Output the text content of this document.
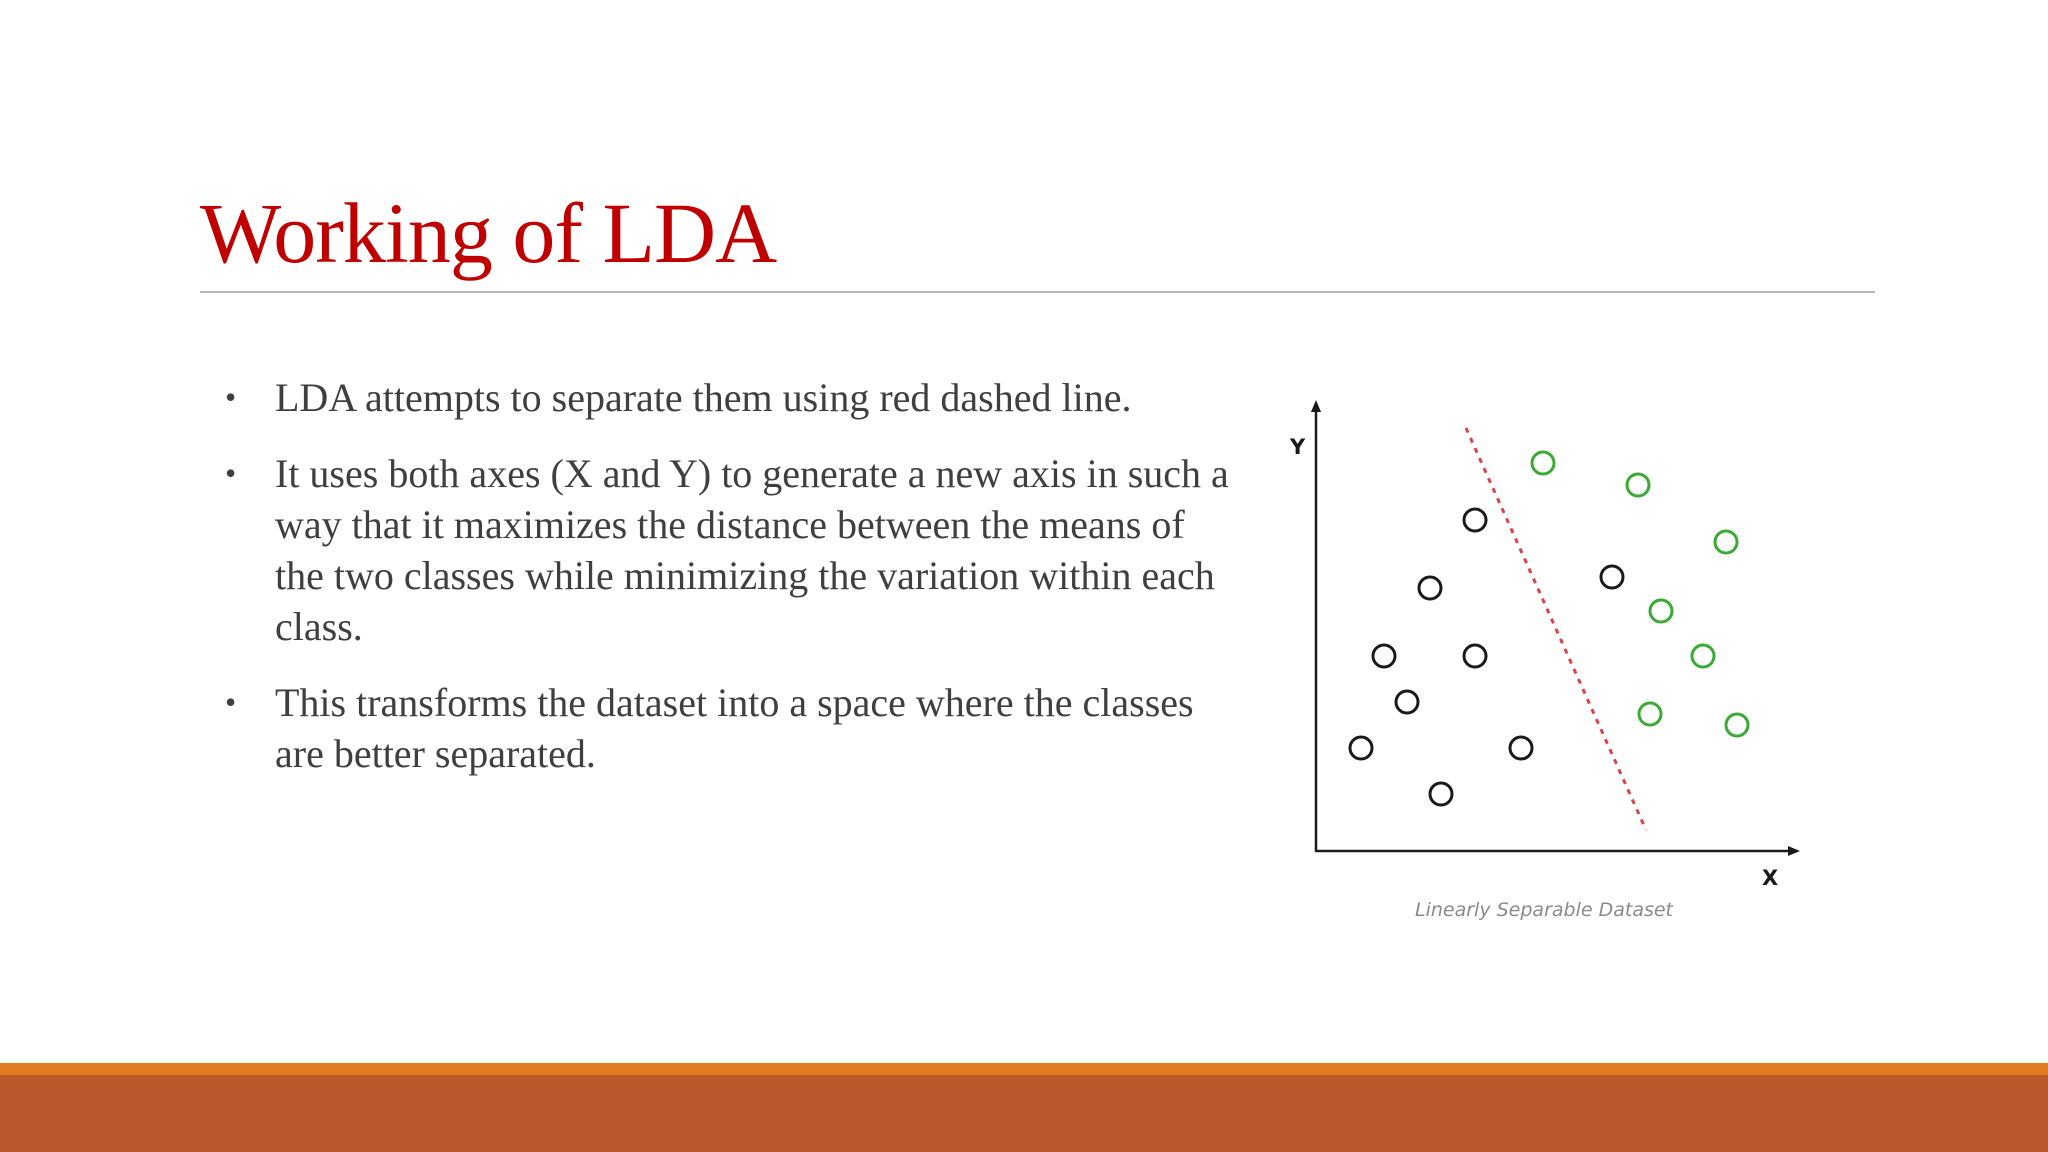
Working of LDA
• LDA attempts to separate them using red dashed line.
• It uses both axes (X and Y) to generate a new axis in such a way that it maximizes the distance between the means of the two classes while minimizing the variation within each class.
• This transforms the dataset into a space where the classes are better separated.
Y
X
Linearly Separable Dataset
